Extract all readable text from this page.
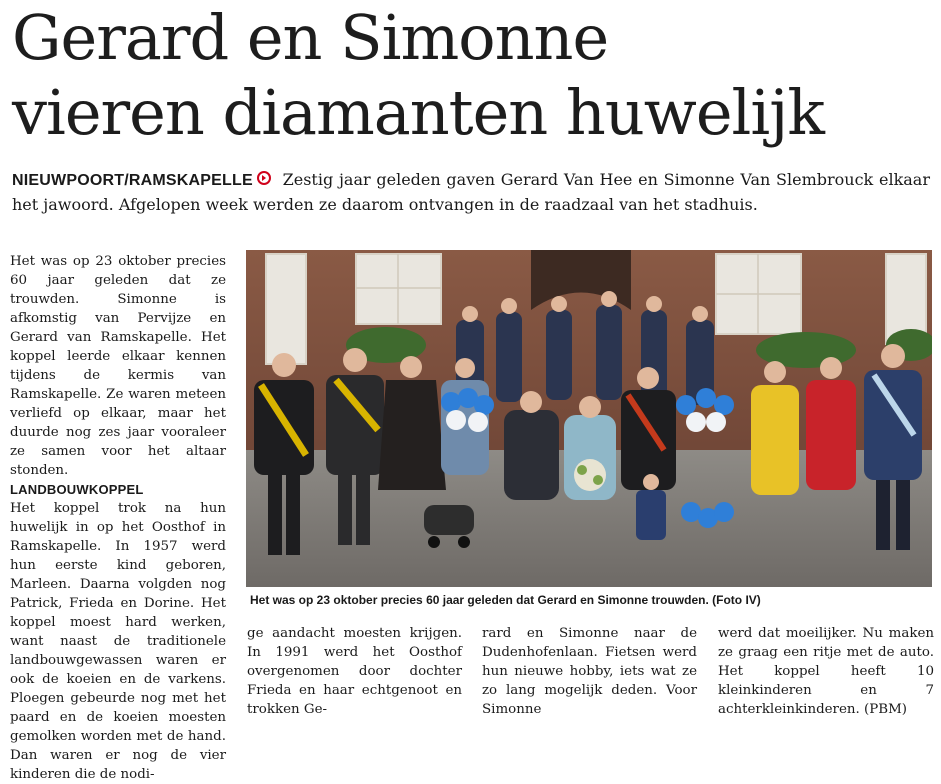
Gerard en Simonne
vieren diamanten huwelijk
NIEUWPOORT/RAMSKAPELLE Zestig jaar geleden gaven Gerard Van Hee en Simonne Van Slembrouck elkaar het jawoord. Afgelopen week werden ze daarom ontvangen in de raadzaal van het stadhuis.

Het was op 23 oktober precies 60 jaar geleden dat ze trouwden. Simonne is afkomstig van Pervijze en Gerard van Ramskapelle. Het koppel leerde elkaar kennen tijdens de kermis van Ramskapelle. Ze waren meteen verliefd op elkaar, maar het duurde nog zes jaar vooraleer ze samen voor het altaar stonden.

LANDBOUWKOPPEL

Het koppel trok na hun huwelijk in op het Oosthof in Ramskapelle. In 1957 werd hun eerste kind geboren, Marleen. Daarna volgden nog Patrick, Frieda en Dorine. Het koppel moest hard werken, want naast de traditionele landbouwgewassen waren er ook de koeien en de varkens. Ploegen gebeurde nog met het paard en de koeien moesten gemolken worden met de hand. Dan waren er nog de vier kinderen die de nodi-

Het was op 23 oktober precies 60 jaar geleden dat Gerard en Simonne trouwden. (Foto IV)

ge aandacht moesten krijgen. In 1991 werd het Oosthof overgenomen door dochter Frieda en haar echtgenoot en trokken Ge-

rard en Simonne naar de Dudenhofenlaan. Fietsen werd hun nieuwe hobby, iets wat ze zo lang mogelijk deden. Voor Simonne

werd dat moeilijker. Nu maken ze graag een ritje met de auto. Het koppel heeft 10 kleinkinderen en 7 achterkleinkinderen. (PBM)
